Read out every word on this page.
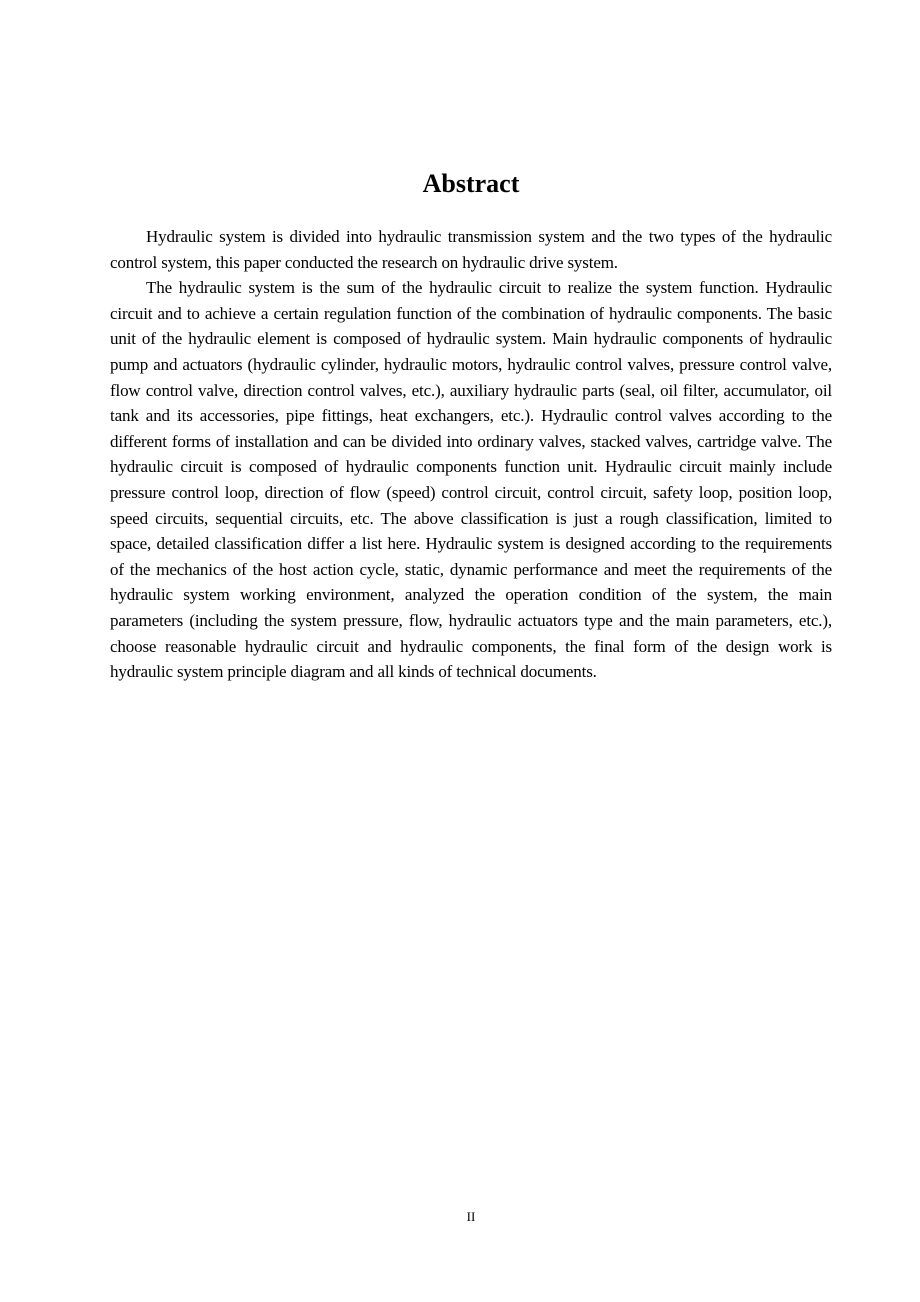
Abstract

Hydraulic system is divided into hydraulic transmission system and the two types of the hydraulic control system, this paper conducted the research on hydraulic drive system.

The hydraulic system is the sum of the hydraulic circuit to realize the system function. Hydraulic circuit and to achieve a certain regulation function of the combination of hydraulic components. The basic unit of the hydraulic element is composed of hydraulic system. Main hydraulic components of hydraulic pump and actuators (hydraulic cylinder, hydraulic motors, hydraulic control valves, pressure control valve, flow control valve, direction control valves, etc.), auxiliary hydraulic parts (seal, oil filter, accumulator, oil tank and its accessories, pipe fittings, heat exchangers, etc.). Hydraulic control valves according to the different forms of installation and can be divided into ordinary valves, stacked valves, cartridge valve. The hydraulic circuit is composed of hydraulic components function unit. Hydraulic circuit mainly include pressure control loop, direction of flow (speed) control circuit, control circuit, safety loop, position loop, speed circuits, sequential circuits, etc. The above classification is just a rough classification, limited to space, detailed classification differ a list here. Hydraulic system is designed according to the requirements of the mechanics of the host action cycle, static, dynamic performance and meet the requirements of the hydraulic system working environment, analyzed the operation condition of the system, the main parameters (including the system pressure, flow, hydraulic actuators type and the main parameters, etc.), choose reasonable hydraulic circuit and hydraulic components, the final form of the design work is hydraulic system principle diagram and all kinds of technical documents.

II
